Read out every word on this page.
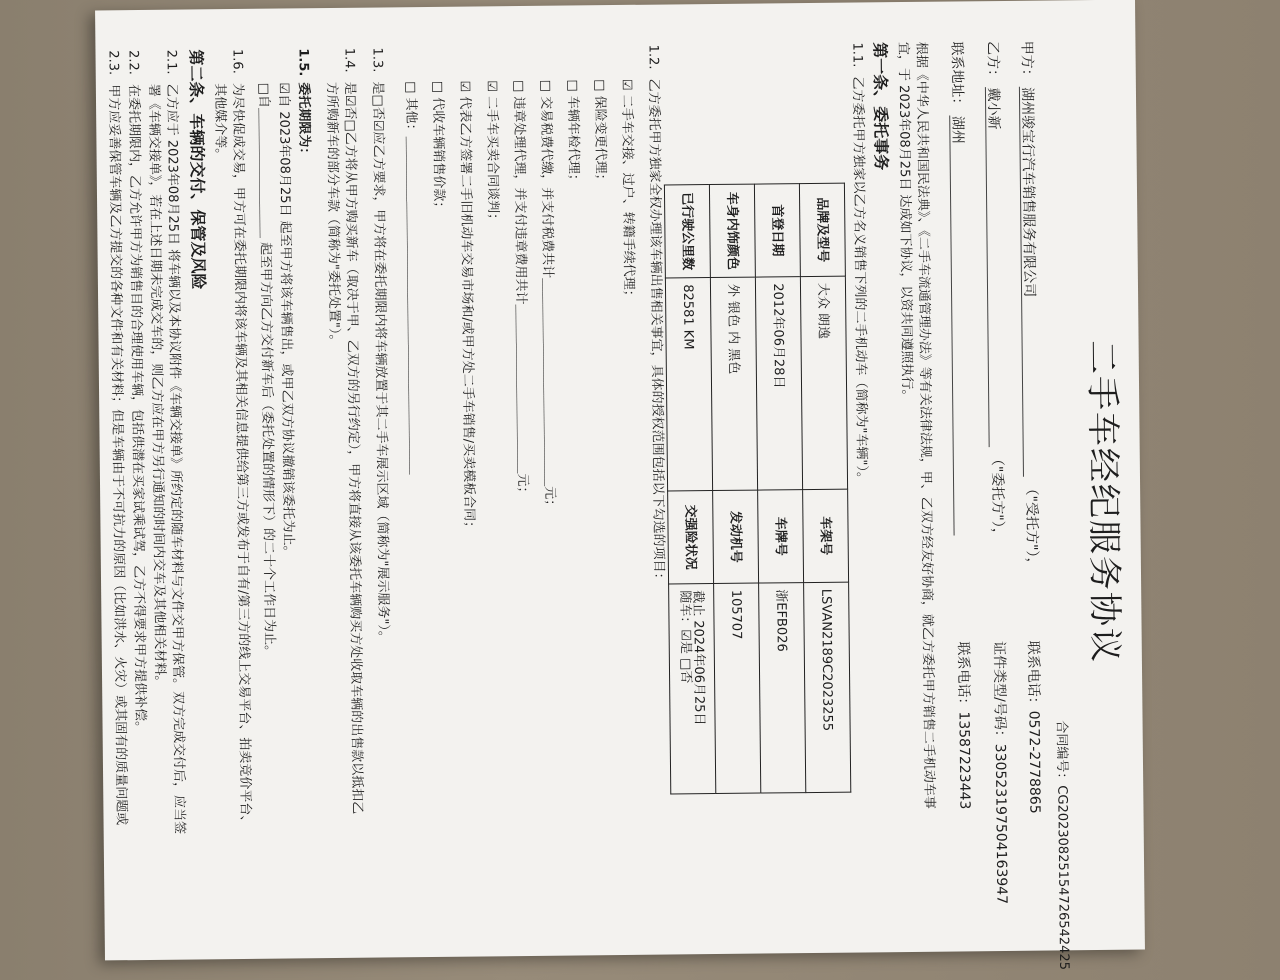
二手车经纪服务协议
合同编号：CG20230825154726542425
甲方： 湖州骏宝行汽车销售服务有限公司 （"受托方"），
联系电话：0572-2778865
乙方： 戴小新 （"委托方"），
证件类型/号码：330523197504163947
联系地址： 湖州
联系电话：13587223443
根据《中华人民共和国民法典》、《二手车流通管理办法》等有关法律法规，甲、乙双方经友好协商，就乙方委托甲方销售二手机动车事
宜，于 2023年08月25日 达成如下协议，以资共同遵照执行。
第一条、委托事务
1.1.乙方委托甲方独家以乙方名义销售下列的二手机动车（简称为"车辆"）。
品牌及型号	大众 朗逸	车架号	LSVAN2189C2023255
首登日期	2012年06月28日	车牌号	浙EFB026
车身内饰颜色	外 银色 内 黑色	发动机号	105707
已行驶公里数	82581 KM	交强险状况	截止 2024年06月25日
随车：☑是 □否
1.2.乙方委托甲方独家全权办理该车辆出售相关事宜，具体的授权范围包括以下勾选的项目：
☑ 二手车交接、过户、转籍手续代理；
□ 保险变更代理；
□ 车辆年检代理；
□ 交易税费代缴，并支付税费共计＿＿＿＿＿＿＿＿＿＿＿＿＿＿＿＿元；
□ 违章处理代理，并支付违章费用共计＿＿＿＿＿＿＿＿＿＿＿＿＿元；
☑ 二手车买卖合同谈判；
☑ 代表乙方签署二手旧机动车交易市场和/或甲方处二手车销售/买卖模板合同；
□ 代收车辆销售价款；
□ 其他：＿＿＿＿＿＿＿＿＿＿＿＿＿＿＿＿＿＿＿＿＿＿＿＿＿＿
1.3.是□否☑应乙方要求，甲方将在委托期限内将车辆放置于其二手车展示区域（简称为"展示服务"）。
1.4.是☑否□乙方将从甲方购买新车（取决于甲、乙双方的另行约定），甲方将直接从该委托车辆购买方处收取车辆的出售款以抵扣乙
方所购新车的部分车款（简称为"委托处置"）。
1.5.委托期限为：
☑自 2023年08月25日 起至甲方将该车辆售出，或甲乙双方协议撤销该委托为止。
□自＿＿＿＿＿＿＿＿＿＿ 起至甲方向乙方交付新车后（委托处置的情形下）的二十个工作日为止。
1.6.为尽快促成交易，甲方可在委托期限内将该车辆及其相关信息提供给第三方或发布于自有/第三方的线上交易平台、拍卖竞价平台、
其他媒介等。
第二条、车辆的交付、保管及风险
2.1.乙方应于 2023年08月25日 将车辆以及本协议附件《车辆交接单》所约定的随车材料与文件交甲方保管。双方完成交付后，应当签
署《车辆交接单》，若在上述日期未完成交车的，则乙方应在甲方另行通知的时间内交车及其他相关材料。
2.2.在委托期限内，乙方允许甲方为销售目的合理使用车辆，包括供潜在买家试乘试驾，乙方不得要求甲方提供补偿。
2.3.甲方应妥善保管车辆及乙方提交的各种文件和有关材料；但是车辆由于不可抗力的原因（比如洪水、火灾）或其固有的质量问题或
